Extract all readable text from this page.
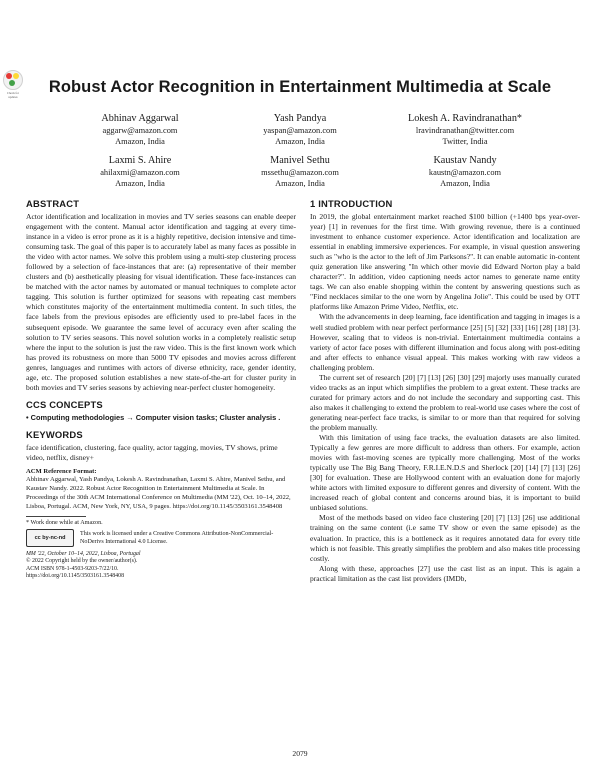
Check for updates
Robust Actor Recognition in Entertainment Multimedia at Scale
Abhinav Aggarwal
aggarw@amazon.com
Amazon, India
Yash Pandya
yaspan@amazon.com
Amazon, India
Lokesh A. Ravindranathan*
lravindranathan@twitter.com
Twitter, India
Laxmi S. Ahire
ahilaxmi@amazon.com
Amazon, India
Manivel Sethu
mssethu@amazon.com
Amazon, India
Kaustav Nandy
kaustn@amazon.com
Amazon, India
ABSTRACT

Actor identification and localization in movies and TV series seasons can enable deeper engagement with the content. Manual actor identification and tagging at every time-instance in a video is error prone as it is a highly repetitive, decision intensive and time-consuming task. The goal of this paper is to accurately label as many faces as possible in the video with actor names. We solve this problem using a multi-step clustering process followed by a selection of face-instances that are: (a) representative of their member clusters and (b) aesthetically pleasing for visual identification. These face-instances can be matched with the actor names by automated or manual techniques to complete actor tagging. This solution is further optimized for seasons with repeating cast members which constitutes majority of the entertainment multimedia content. In such titles, the face labels from the previous episodes are efficiently used to pre-label faces in the subsequent episode. We guarantee the same level of accuracy even after scaling the solution to TV series seasons. This novel solution works in a completely realistic setup where the input to the solution is just the raw video. This is the first known work which has proved its robustness on more than 5000 TV episodes and movies across different genres, languages and runtimes with actors of diverse ethnicity, race, gender identity, age, etc. The proposed solution establishes a new state-of-the-art for cluster purity in both movies and TV series seasons by achieving near-perfect cluster homogeneity.

CCS CONCEPTS
• Computing methodologies → Computer vision tasks; Cluster analysis .
KEYWORDS

face identification, clustering, face quality, actor tagging, movies, TV shows, prime video, netflix, disney+

ACM Reference Format:
Abhinav Aggarwal, Yash Pandya, Lokesh A. Ravindranathan, Laxmi S. Ahire, Manivel Sethu, and Kaustav Nandy. 2022. Robust Actor Recognition in Entertainment Multimedia at Scale. In Proceedings of the 30th ACM International Conference on Multimedia (MM '22), Oct. 10–14, 2022, Lisboa, Portugal. ACM, New York, NY, USA, 9 pages. https://doi.org/10.1145/3503161.3548408
* Work done while at Amazon.
cc by-nc-nd
This work is licensed under a Creative Commons Attribution-NonCommercial-NoDerivs International 4.0 License.
MM '22, October 10–14, 2022, Lisboa, Portugal
© 2022 Copyright held by the owner/author(s).
ACM ISBN 978-1-4503-9203-7/22/10.
https://doi.org/10.1145/3503161.3548408
1 INTRODUCTION

In 2019, the global entertainment market reached $100 billion (+1400 bps year-over-year) [1] in revenues for the first time. With growing revenue, there is a continued investment to enhance customer experience. Actor identification and localization are essential in enabling immersive experiences. For example, in visual question answering such as "who is the actor to the left of Jim Parksons?". It can enable automatic in-content quiz generation like answering "In which other movie did Edward Norton play a bald character?". In addition, video captioning needs actor names to generate name entity tags. We can also enable shopping within the content by answering questions such as "Find necklaces similar to the one worn by Angelina Jolie". This could be used by OTT platforms like Amazon Prime Video, Netflix, etc.

With the advancements in deep learning, face identification and tagging in images is a well studied problem with near perfect performance [25] [5] [32] [33] [16] [28] [18] [3]. However, scaling that to videos is non-trivial. Entertainment multimedia contains a variety of actor face poses with different illumination and focus along with post-editing and after effects to enhance visual appeal. This makes working with raw videos a challenging problem.

The current set of research [20] [7] [13] [26] [30] [29] majorly uses manually curated video tracks as an input which simplifies the problem to a great extent. These tracks are curated for primary actors and do not include the secondary and supporting cast. This also makes it challenging to extend the problem to real-world use cases where the cost of generating near-perfect face tracks, is similar to or more than that required for solving the problem manually.

With this limitation of using face tracks, the evaluation datasets are also limited. Typically a few genres are more difficult to address than others. For example, action movies with fast-moving scenes are typically more challenging. Most of the works typically use The Big Bang Theory, F.R.I.E.N.D.S and Sherlock [20] [14] [7] [13] [26] [30] for evaluation. These are Hollywood content with an evaluation done for majorly white actors with limited exposure to different genres and diversity of content. With the increased reach of global content and concerns around bias, it is important to build unbiased solutions.

Most of the methods based on video face clustering [20] [7] [13] [26] use additional training on the same content (i.e same TV show or even the same episode) as the evaluation. In practice, this is a bottleneck as it requires annotated data for every title which is not feasible. This greatly simplifies the problem and also makes title processing costly.

Along with these, approaches [27] use the cast list as an input. This is again a practical limitation as the cast list providers (IMDb,

2079
